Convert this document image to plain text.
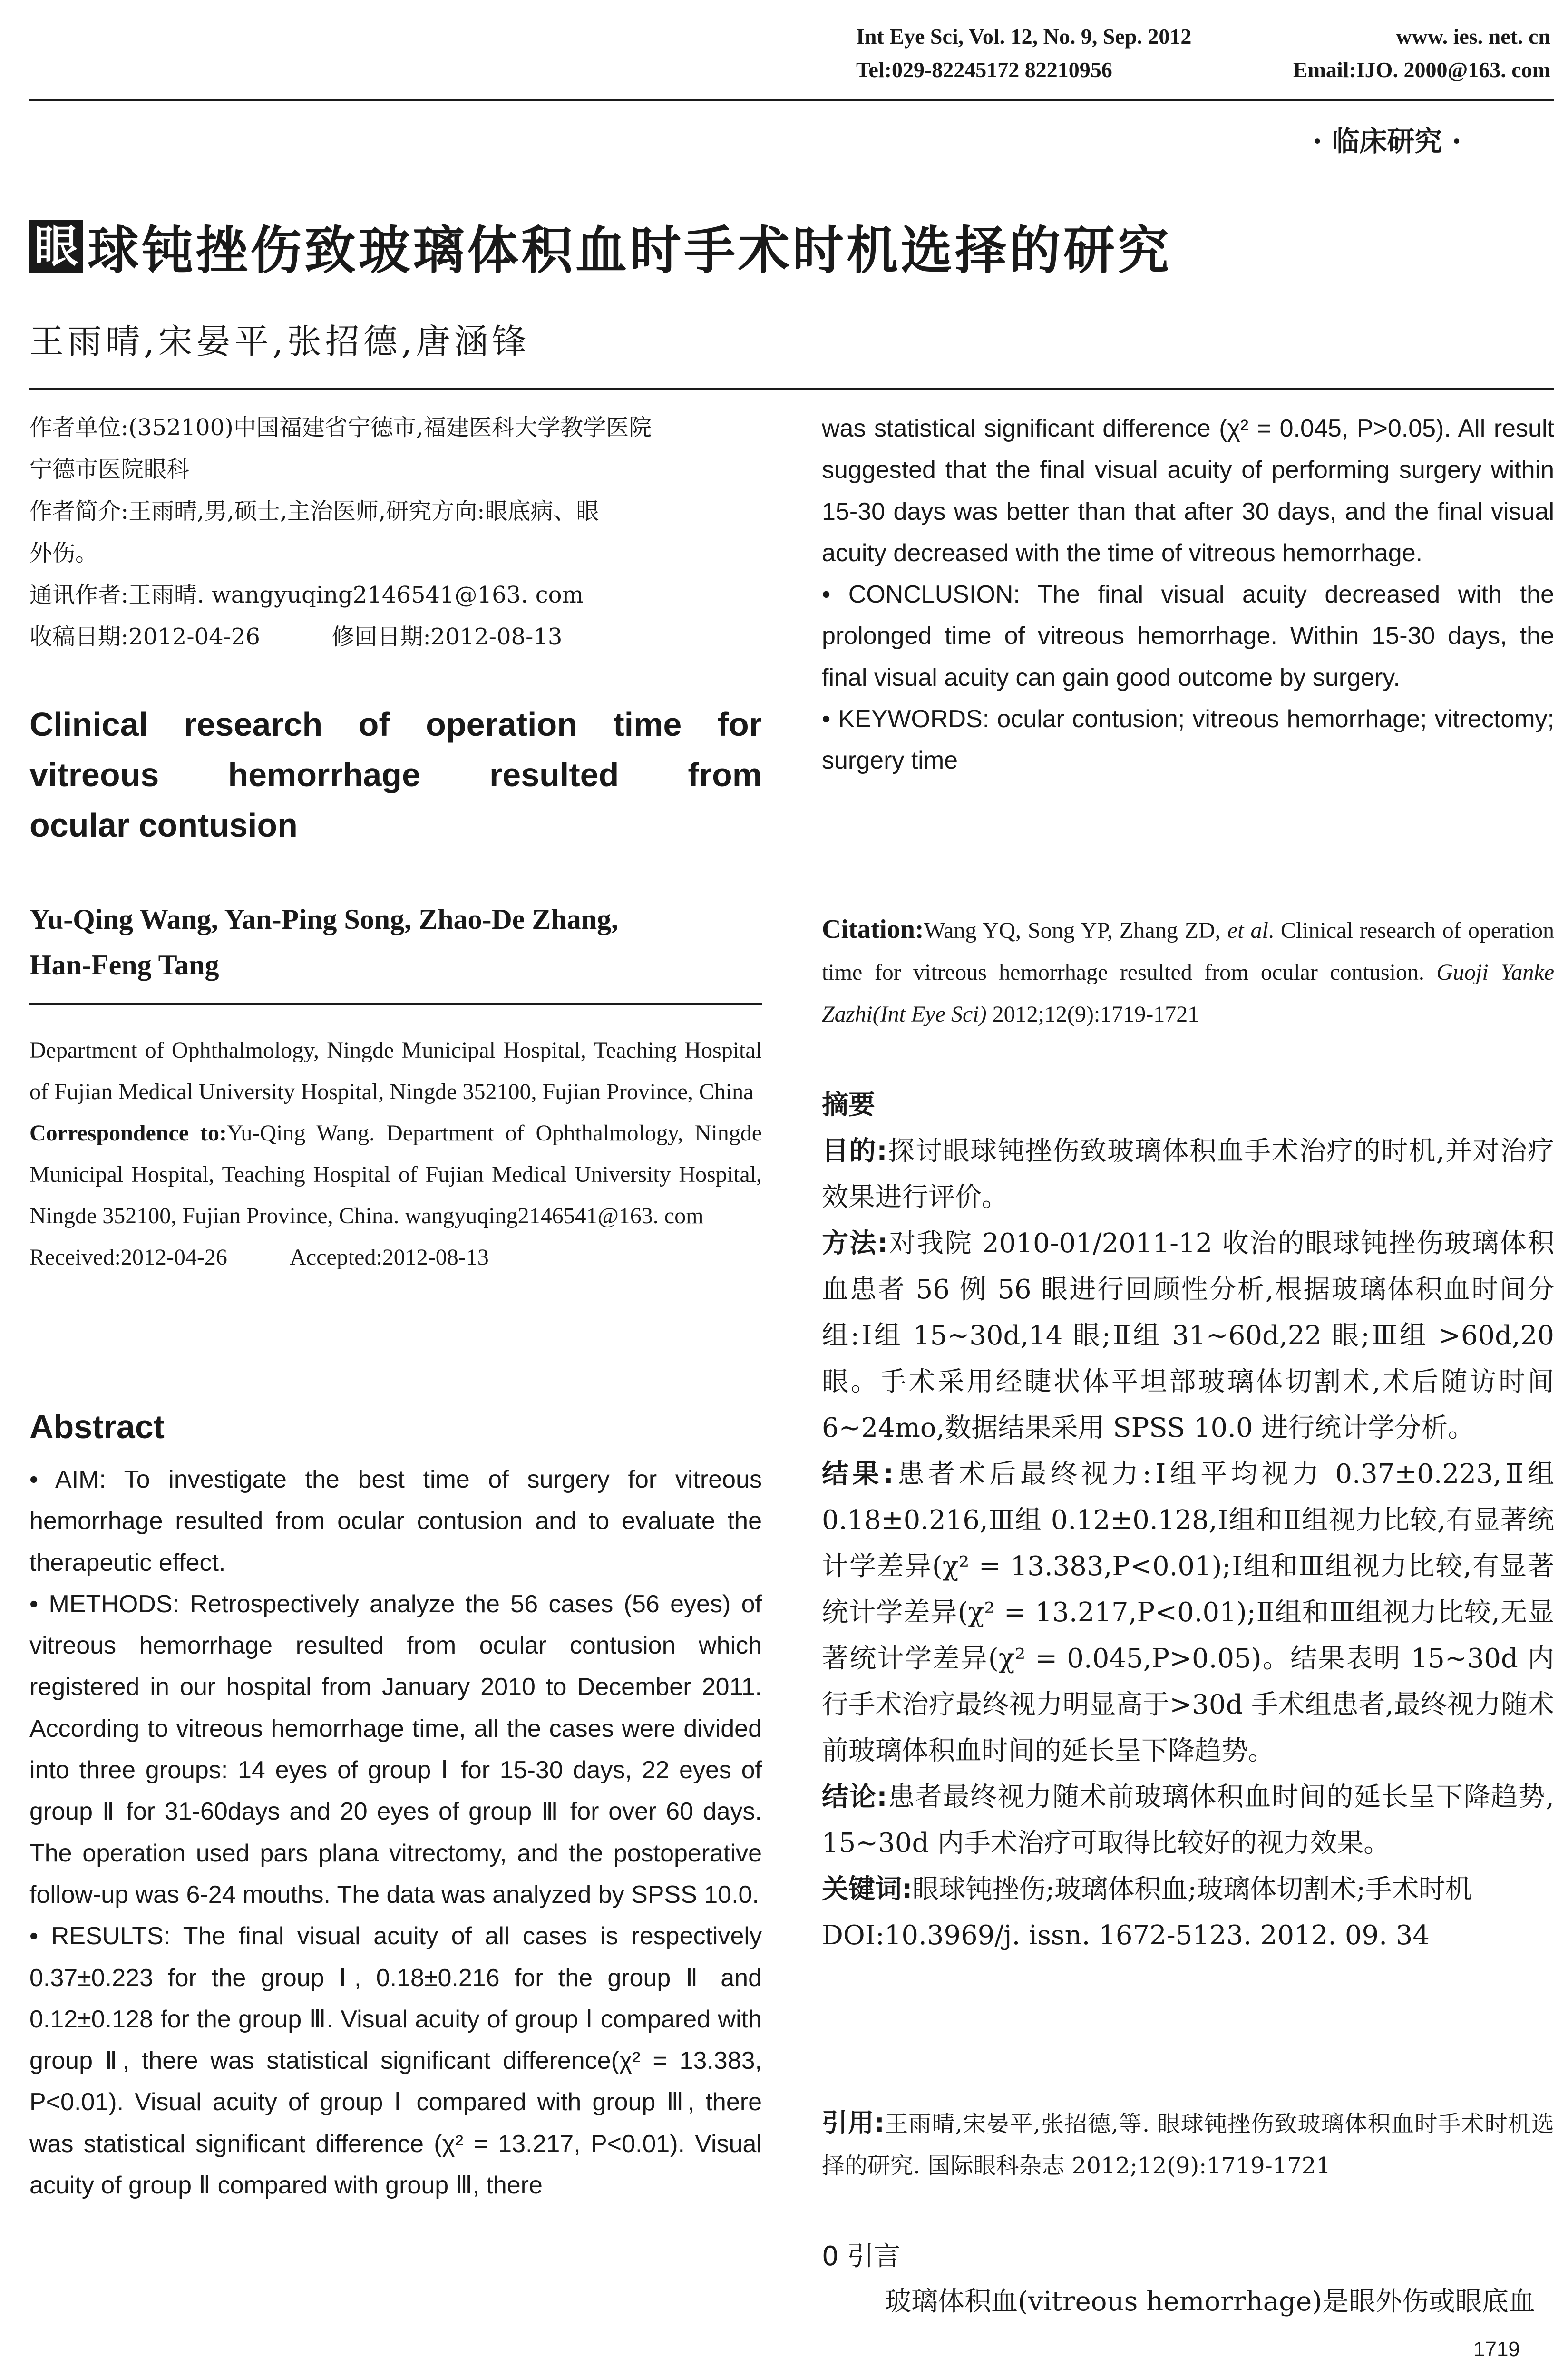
Int Eye Sci, Vol. 12, No. 9, Sep. 2012	www. ies. net. cn
Tel:029-82245172 82210956	Email:IJO. 2000@163. com
· 临床研究 ·
眼 球钝挫伤致玻璃体积血时手术时机选择的研究
王雨晴,宋晏平,张招德,唐涵锋
作者单位:(352100)中国福建省宁德市,福建医科大学教学医院
宁德市医院眼科
作者简介:王雨晴,男,硕士,主治医师,研究方向:眼底病、眼
外伤。
通讯作者:王雨晴. wangyuqing2146541@163. com
收稿日期:2012-04-26	修回日期:2012-08-13
Clinical research of operation time for
vitreous hemorrhage resulted from
ocular contusion
Yu-Qing Wang, Yan-Ping Song, Zhao-De Zhang,
Han-Feng Tang
Department of Ophthalmology, Ningde Municipal Hospital, Teaching Hospital of Fujian Medical University Hospital, Ningde 352100, Fujian Province, China
Correspondence to:Yu-Qing Wang. Department of Ophthalmology, Ningde Municipal Hospital, Teaching Hospital of Fujian Medical University Hospital, Ningde 352100, Fujian Province, China. wangyuqing2146541@163. com
Received:2012-04-26	Accepted:2012-08-13
Abstract

• AIM: To investigate the best time of surgery for vitreous hemorrhage resulted from ocular contusion and to evaluate the therapeutic effect.

• METHODS: Retrospectively analyze the 56 cases (56 eyes) of vitreous hemorrhage resulted from ocular contusion which registered in our hospital from January 2010 to December 2011. According to vitreous hemorrhage time, all the cases were divided into three groups: 14 eyes of group Ⅰ for 15-30 days, 22 eyes of group Ⅱ for 31-60days and 20 eyes of group Ⅲ for over 60 days. The operation used pars plana vitrectomy, and the postoperative follow-up was 6-24 mouths. The data was analyzed by SPSS 10.0.

• RESULTS: The final visual acuity of all cases is respectively 0.37±0.223 for the group Ⅰ, 0.18±0.216 for the group Ⅱ and 0.12±0.128 for the group Ⅲ. Visual acuity of group Ⅰ compared with group Ⅱ, there was statistical significant difference(χ² = 13.383, P<0.01). Visual acuity of group Ⅰ compared with group Ⅲ, there was statistical significant difference (χ² = 13.217, P<0.01). Visual acuity of group Ⅱ compared with group Ⅲ, there

was statistical significant difference (χ² = 0.045, P>0.05). All result suggested that the final visual acuity of performing surgery within 15-30 days was better than that after 30 days, and the final visual acuity decreased with the time of vitreous hemorrhage.

• CONCLUSION: The final visual acuity decreased with the prolonged time of vitreous hemorrhage. Within 15-30 days, the final visual acuity can gain good outcome by surgery.

• KEYWORDS: ocular contusion; vitreous hemorrhage; vitrectomy; surgery time

Citation:Wang YQ, Song YP, Zhang ZD, et al. Clinical research of operation time for vitreous hemorrhage resulted from ocular contusion. Guoji Yanke Zazhi(Int Eye Sci) 2012;12(9):1719-1721

摘要

目的:探讨眼球钝挫伤致玻璃体积血手术治疗的时机,并对治疗效果进行评价。

方法:对我院 2010-01/2011-12 收治的眼球钝挫伤玻璃体积血患者 56 例 56 眼进行回顾性分析,根据玻璃体积血时间分组:Ⅰ组 15~30d,14 眼;Ⅱ组 31~60d,22 眼;Ⅲ组 >60d,20 眼。手术采用经睫状体平坦部玻璃体切割术,术后随访时间 6~24mo,数据结果采用 SPSS 10.0 进行统计学分析。

结果:患者术后最终视力:Ⅰ组平均视力 0.37±0.223,Ⅱ组 0.18±0.216,Ⅲ组 0.12±0.128,Ⅰ组和Ⅱ组视力比较,有显著统计学差异(χ² = 13.383,P<0.01);Ⅰ组和Ⅲ组视力比较,有显著统计学差异(χ² = 13.217,P<0.01);Ⅱ组和Ⅲ组视力比较,无显著统计学差异(χ² = 0.045,P>0.05)。结果表明 15~30d 内行手术治疗最终视力明显高于>30d 手术组患者,最终视力随术前玻璃体积血时间的延长呈下降趋势。

结论:患者最终视力随术前玻璃体积血时间的延长呈下降趋势, 15~30d 内手术治疗可取得比较好的视力效果。

关键词:眼球钝挫伤;玻璃体积血;玻璃体切割术;手术时机

DOI:10.3969/j. issn. 1672-5123. 2012. 09. 34

引用:王雨晴,宋晏平,张招德,等. 眼球钝挫伤致玻璃体积血时手术时机选择的研究. 国际眼科杂志 2012;12(9):1719-1721
0 引言
玻璃体积血(vitreous hemorrhage)是眼外伤或眼底血
1719
